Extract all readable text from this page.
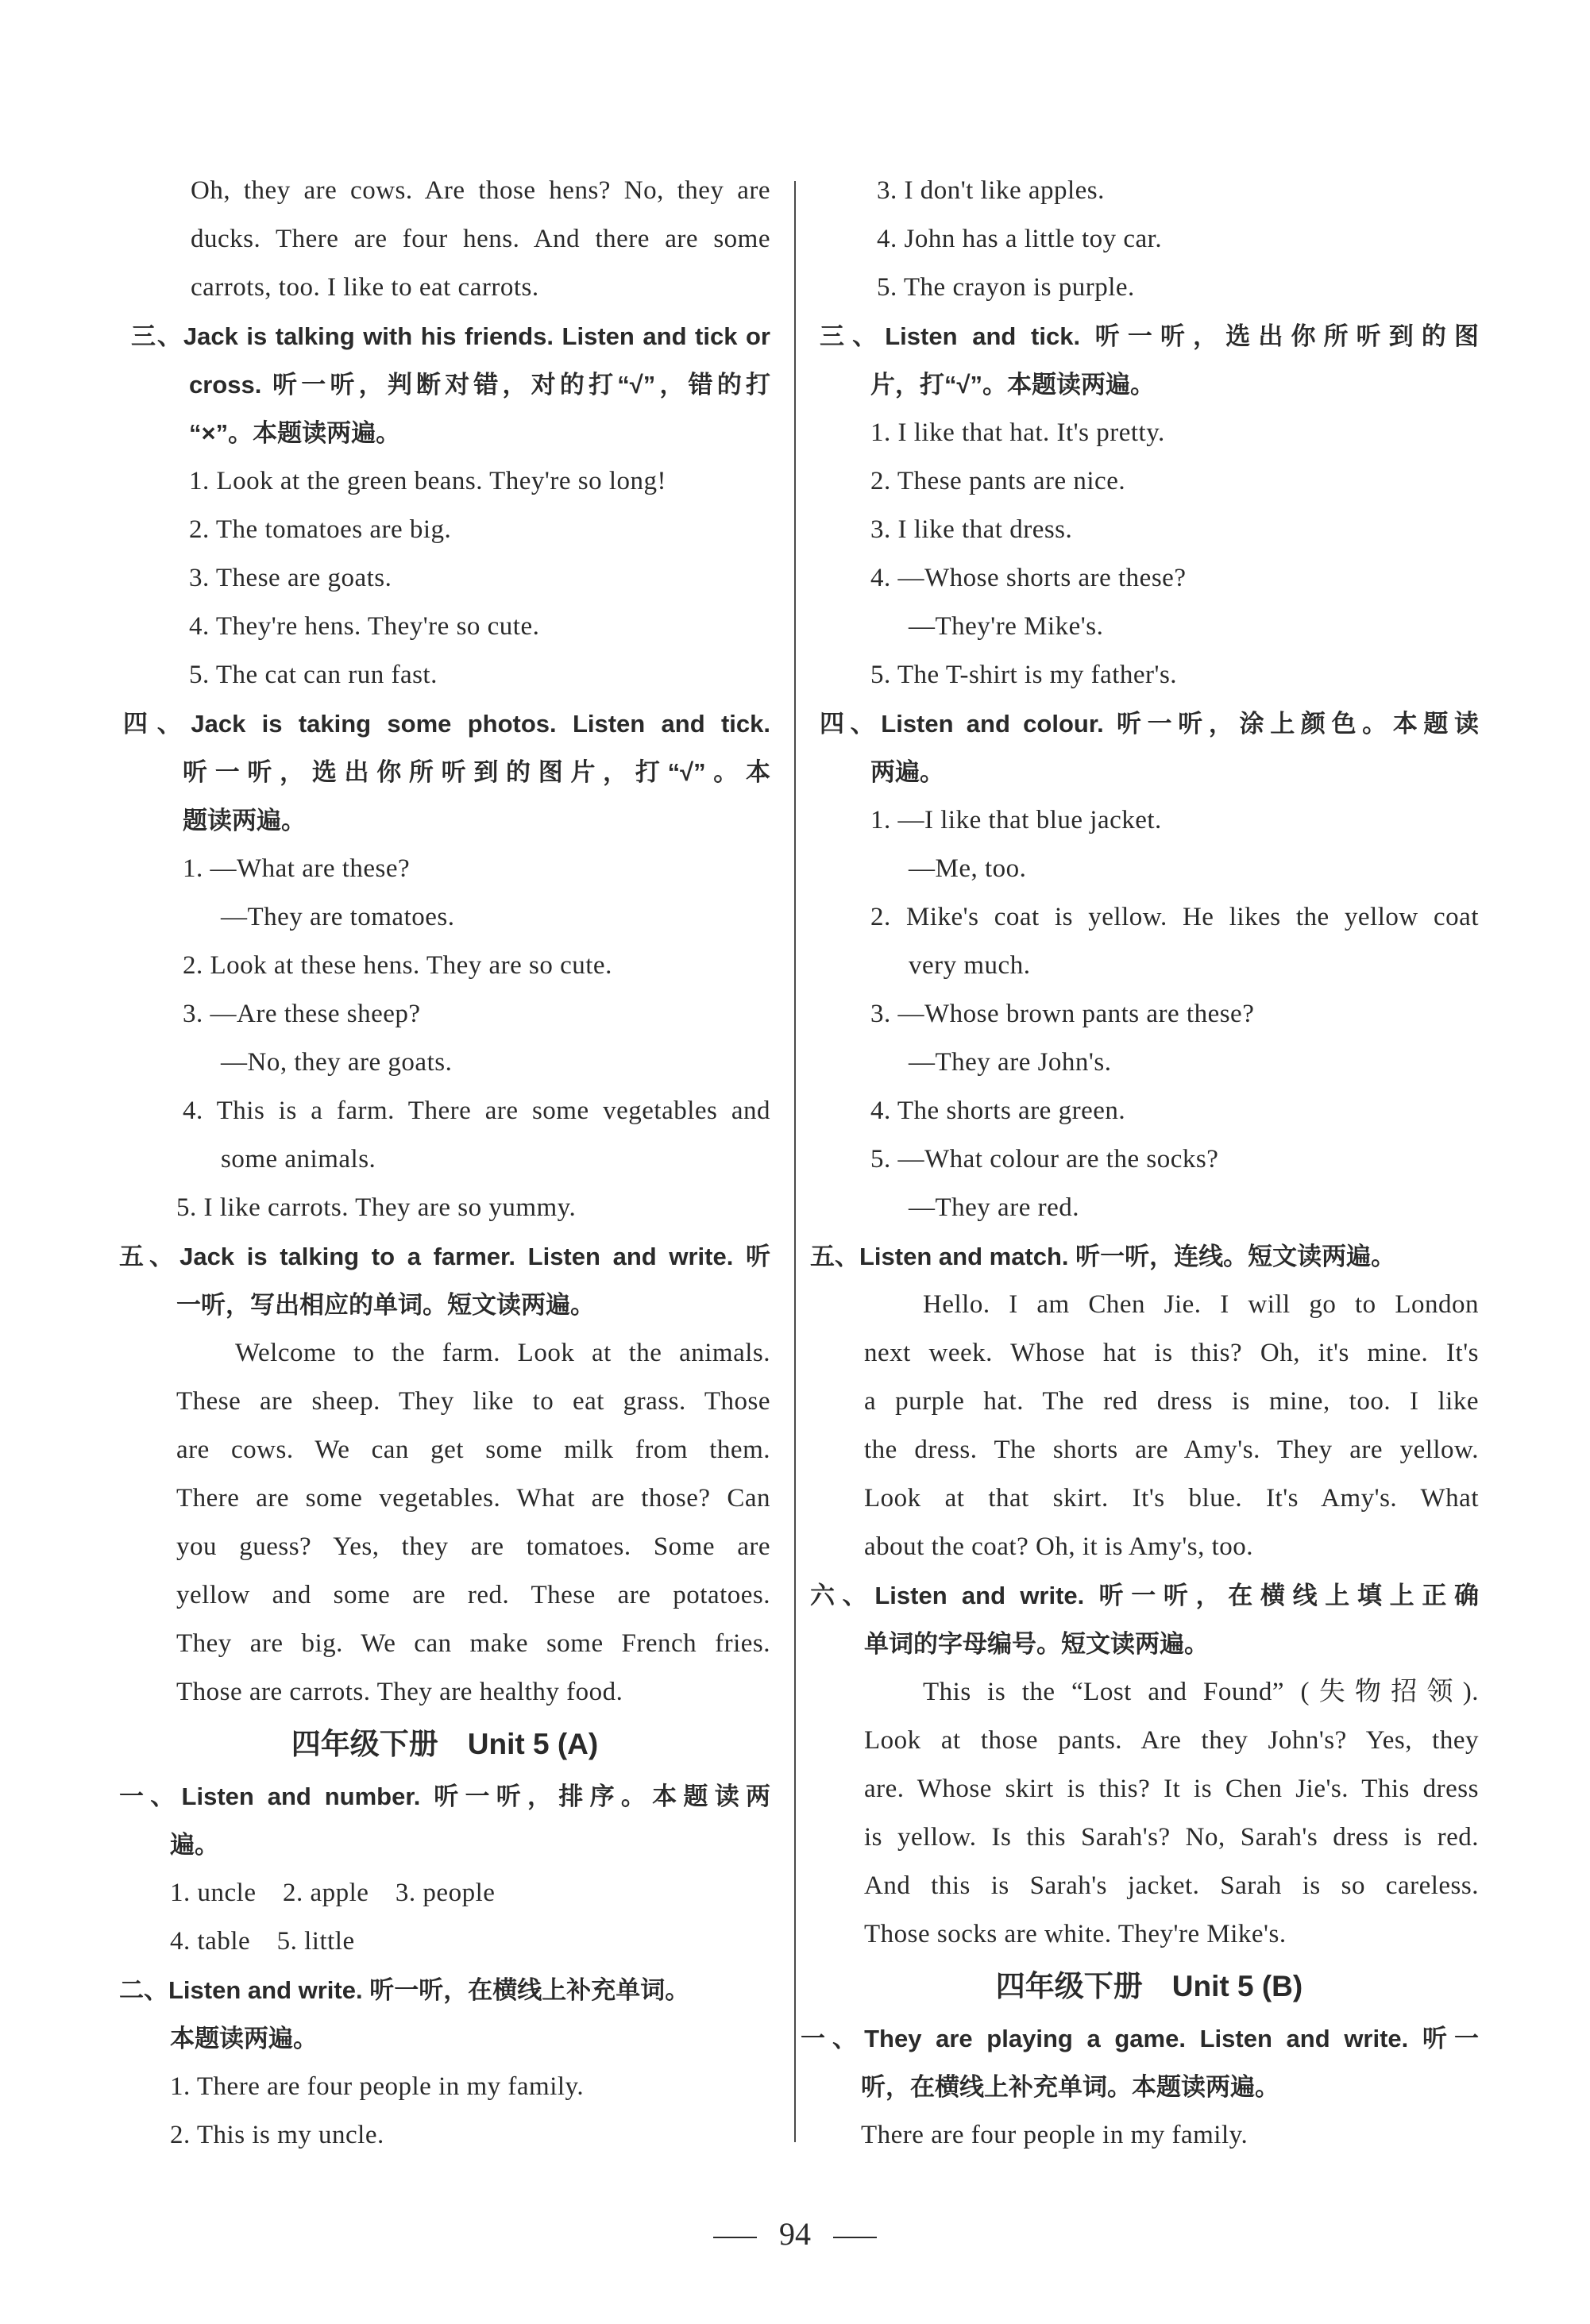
Oh, they are cows. Are those hens? No, they are
ducks. There are four hens. And there are some
carrots, too. I like to eat carrots.
三、Jack is talking with his friends. Listen and tick or
cross. 听一听，判断对错，对的打“√”，错的打
“×”。本题读两遍。
1. Look at the green beans. They're so long!
2. The tomatoes are big.
3. These are goats.
4. They're hens. They're so cute.
5. The cat can run fast.
四、Jack is taking some photos. Listen and tick.
听一听，选出你所听到的图片，打“√”。本
题读两遍。
1. —What are these?
—They are tomatoes.
2. Look at these hens. They are so cute.
3. —Are these sheep?
—No, they are goats.
4. This is a farm. There are some vegetables and
some animals.
5. I like carrots. They are so yummy.
五、Jack is talking to a farmer. Listen and write. 听
一听，写出相应的单词。短文读两遍。
Welcome to the farm. Look at the animals.
These are sheep. They like to eat grass. Those
are cows. We can get some milk from them.
There are some vegetables. What are those? Can
you guess? Yes, they are tomatoes. Some are
yellow and some are red. These are potatoes.
They are big. We can make some French fries.
Those are carrots. They are healthy food.
四年级下册　Unit 5 (A)
一、Listen and number. 听一听，排序。本题读两
遍。
1. uncle　2. apple　3. people
4. table　5. little
二、Listen and write. 听一听，在横线上补充单词。
本题读两遍。
1. There are four people in my family.
2. This is my uncle.
3. I don't like apples.
4. John has a little toy car.
5. The crayon is purple.
三、Listen and tick. 听一听，选出你所听到的图
片，打“√”。本题读两遍。
1. I like that hat. It's pretty.
2. These pants are nice.
3. I like that dress.
4. —Whose shorts are these?
—They're Mike's.
5. The T-shirt is my father's.
四、Listen and colour. 听一听，涂上颜色。本题读
两遍。
1. —I like that blue jacket.
—Me, too.
2. Mike's coat is yellow. He likes the yellow coat
very much.
3. —Whose brown pants are these?
—They are John's.
4. The shorts are green.
5. —What colour are the socks?
—They are red.
五、Listen and match. 听一听，连线。短文读两遍。
Hello. I am Chen Jie. I will go to London
next week. Whose hat is this? Oh, it's mine. It's
a purple hat. The red dress is mine, too. I like
the dress. The shorts are Amy's. They are yellow.
Look at that skirt. It's blue. It's Amy's. What
about the coat? Oh, it is Amy's, too.
六、Listen and write. 听一听，在横线上填上正确
单词的字母编号。短文读两遍。
This is the “Lost and Found” (失物招领).
Look at those pants. Are they John's? Yes, they
are. Whose skirt is this? It is Chen Jie's. This dress
is yellow. Is this Sarah's? No, Sarah's dress is red.
And this is Sarah's jacket. Sarah is so careless.
Those socks are white. They're Mike's.
四年级下册　Unit 5 (B)
一、They are playing a game. Listen and write. 听一
听，在横线上补充单词。本题读两遍。
There are four people in my family.
94
